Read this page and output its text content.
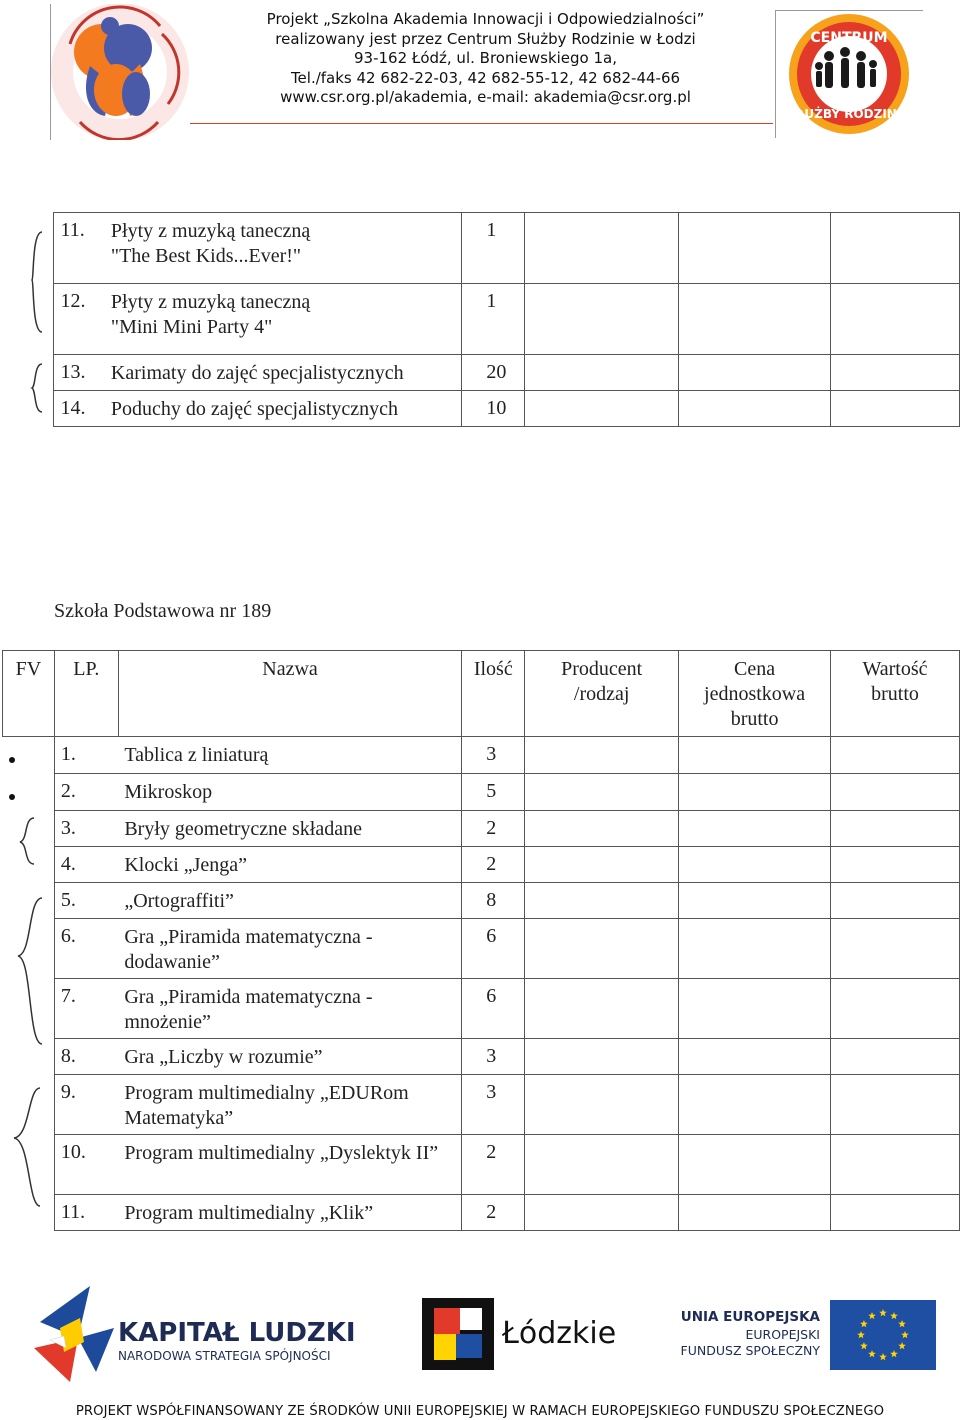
Projekt „Szkolna Akademia Innowacji i Odpowiedzialności”
realizowany jest przez Centrum Służby Rodzinie w Łodzi
93-162 Łódź, ul. Broniewskiego 1a,
Tel./faks 42 682-22-03, 42 682-55-12, 42 682-44-66
www.csr.org.pl/akademia, e-mail: akademia@csr.org.pl
CENTRUM
SŁUŻBY RODZINIE
	11.	Płyty z muzyką taneczną
"The Best Kids...Ever!"	1			
	12.	Płyty z muzyką taneczną
"Mini Mini Party 4"	1			
	13.	Karimaty do zajęć specjalistycznych	20			
	14.	Poduchy do zajęć specjalistycznych	10			
Szkoła Podstawowa nr 189
FV	LP.	Nazwa	Ilość	Producent /rodzaj	Cena jednostkowa brutto	Wartość brutto
	1.	Tablica z liniaturą	3			
	2.	Mikroskop	5			
	3.	Bryły geometryczne składane	2			
	4.	Klocki „Jenga”	2			
	5.	„Ortograffiti”	8			
	6.	Gra „Piramida matematyczna - dodawanie”	6			
	7.	Gra „Piramida matematyczna - mnożenie”	6			
	8.	Gra „Liczby w rozumie”	3			
	9.	Program multimedialny „EDURom Matematyka”	3			
	10.	Program multimedialny „Dyslektyk II”	2			
	11.	Program multimedialny „Klik”	2			
KAPITAŁ LUDZKI
NARODOWA STRATEGIA SPÓJNOŚCI
Łódzkie	UNIA EUROPEJSKA
EUROPEJSKI
FUNDUSZ SPOŁECZNY
PROJEKT WSPÓŁFINANSOWANY ZE ŚRODKÓW UNII EUROPEJSKIEJ W RAMACH EUROPEJSKIEGO FUNDUSZU SPOŁECZNEGO
